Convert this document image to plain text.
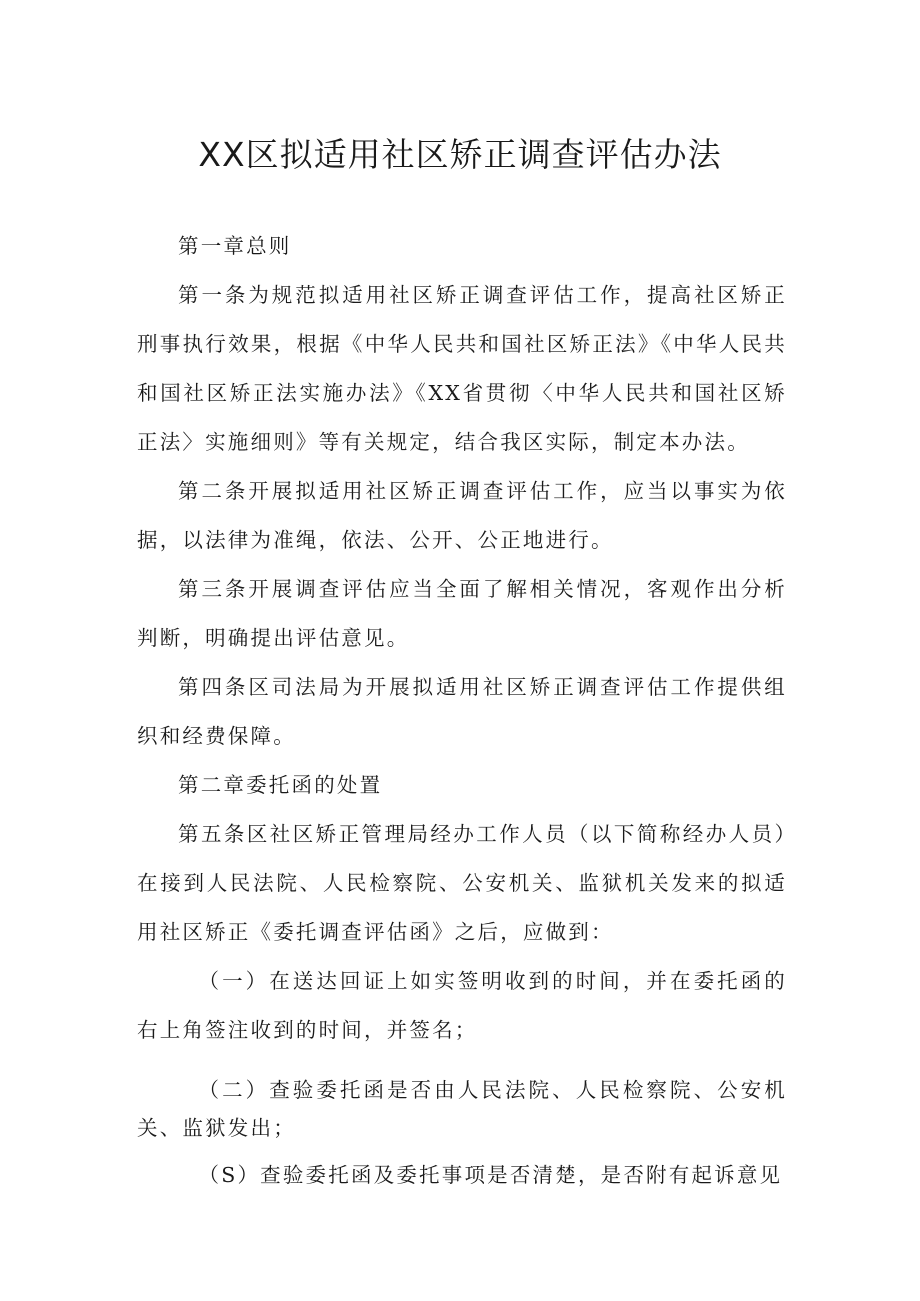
XX区拟适用社区矫正调查评估办法

第一章总则

第一条为规范拟适用社区矫正调查评估工作，提高社区矫正刑事执行效果，根据《中华人民共和国社区矫正法》《中华人民共和国社区矫正法实施办法》《XX省贯彻〈中华人民共和国社区矫正法〉实施细则》等有关规定，结合我区实际，制定本办法。

第二条开展拟适用社区矫正调查评估工作，应当以事实为依据，以法律为准绳，依法、公开、公正地进行。

第三条开展调查评估应当全面了解相关情况，客观作出分析判断，明确提出评估意见。

第四条区司法局为开展拟适用社区矫正调查评估工作提供组织和经费保障。

第二章委托函的处置

第五条区社区矫正管理局经办工作人员（以下简称经办人员）在接到人民法院、人民检察院、公安机关、监狱机关发来的拟适用社区矫正《委托调查评估函》之后，应做到：

（一）在送达回证上如实签明收到的时间，并在委托函的右上角签注收到的时间，并签名；

（二）查验委托函是否由人民法院、人民检察院、公安机关、监狱发出；

（S）查验委托函及委托事项是否清楚，是否附有起诉意见
